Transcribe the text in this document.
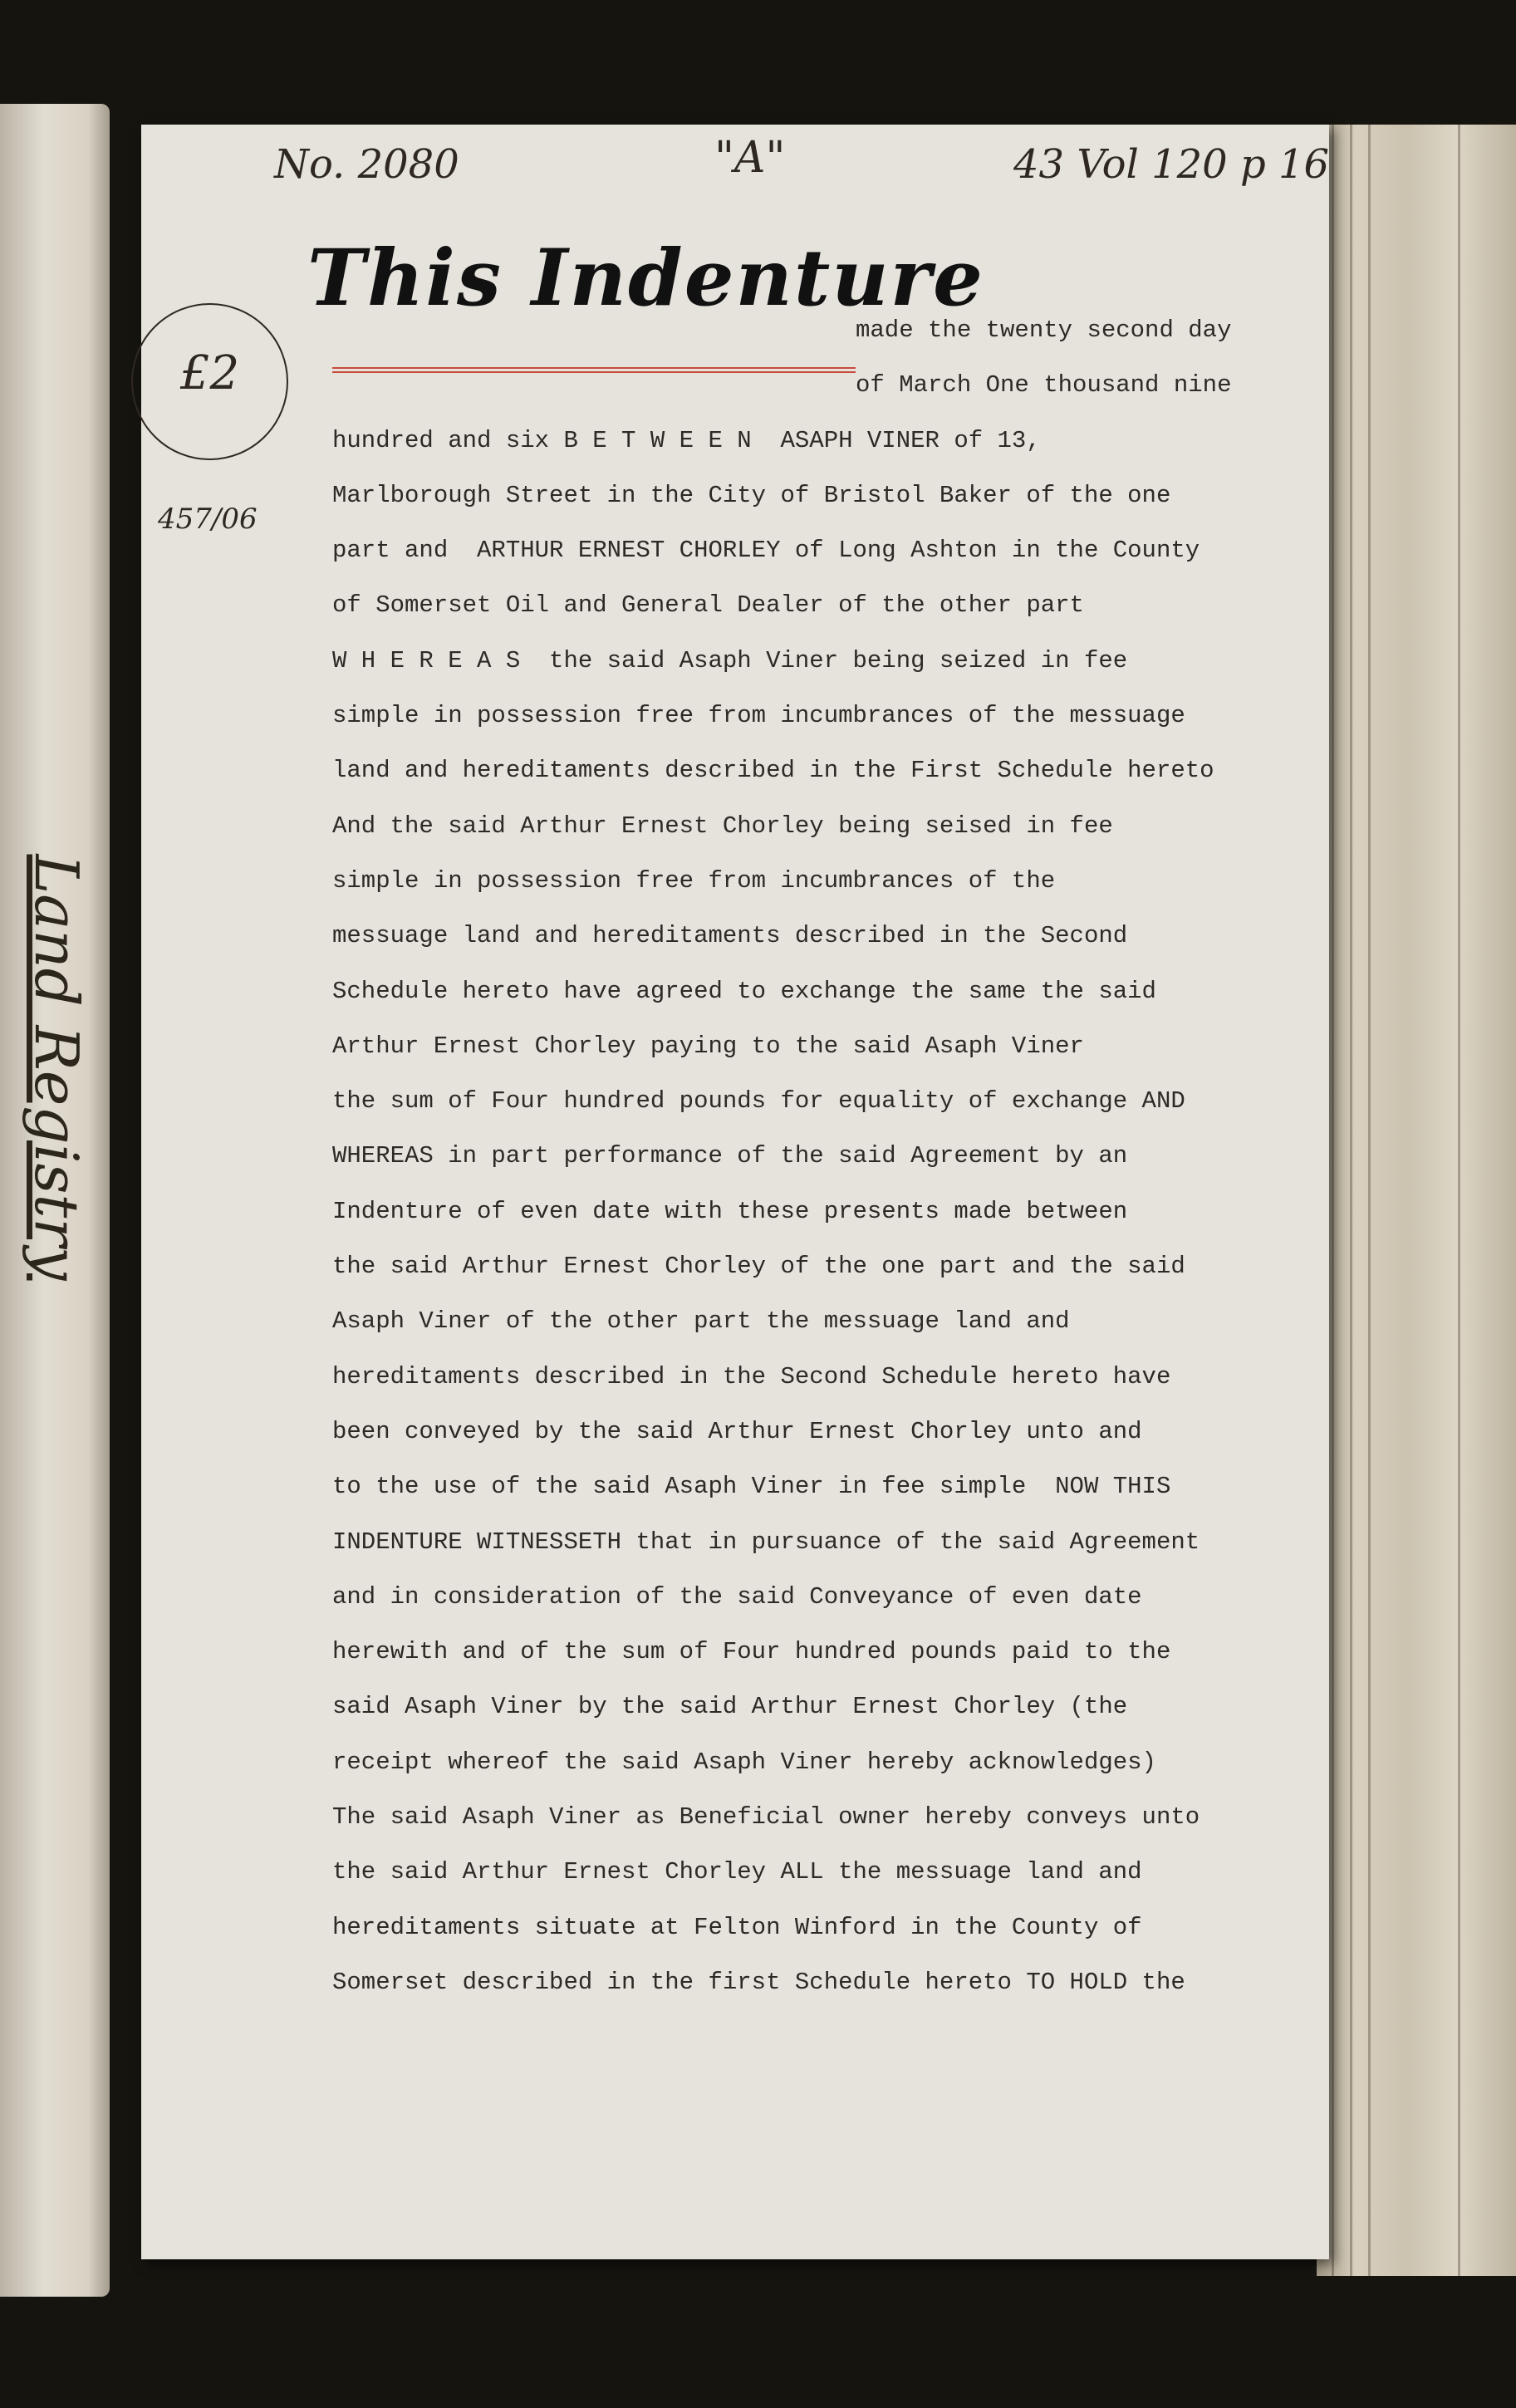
Land Registry
No. 2080	"A"	43 Vol 120 p 16
£2
457/06
This Indenture
made the twenty second day
of March One thousand nine
hundred and six B E T W E E N  ASAPH VINER of 13,
Marlborough Street in the City of Bristol Baker of the one
part and  ARTHUR ERNEST CHORLEY of Long Ashton in the County
of Somerset Oil and General Dealer of the other part
W H E R E A S  the said Asaph Viner being seized in fee
simple in possession free from incumbrances of the messuage
land and hereditaments described in the First Schedule hereto
And the said Arthur Ernest Chorley being seised in fee
simple in possession free from incumbrances of the
messuage land and hereditaments described in the Second
Schedule hereto have agreed to exchange the same the said
Arthur Ernest Chorley paying to the said Asaph Viner
the sum of Four hundred pounds for equality of exchange AND
WHEREAS in part performance of the said Agreement by an
Indenture of even date with these presents made between
the said Arthur Ernest Chorley of the one part and the said
Asaph Viner of the other part the messuage land and
hereditaments described in the Second Schedule hereto have
been conveyed by the said Arthur Ernest Chorley unto and
to the use of the said Asaph Viner in fee simple  NOW THIS
INDENTURE WITNESSETH that in pursuance of the said Agreement
and in consideration of the said Conveyance of even date
herewith and of the sum of Four hundred pounds paid to the
said Asaph Viner by the said Arthur Ernest Chorley (the
receipt whereof the said Asaph Viner hereby acknowledges)
The said Asaph Viner as Beneficial owner hereby conveys unto
the said Arthur Ernest Chorley ALL the messuage land and
hereditaments situate at Felton Winford in the County of
Somerset described in the first Schedule hereto TO HOLD the
